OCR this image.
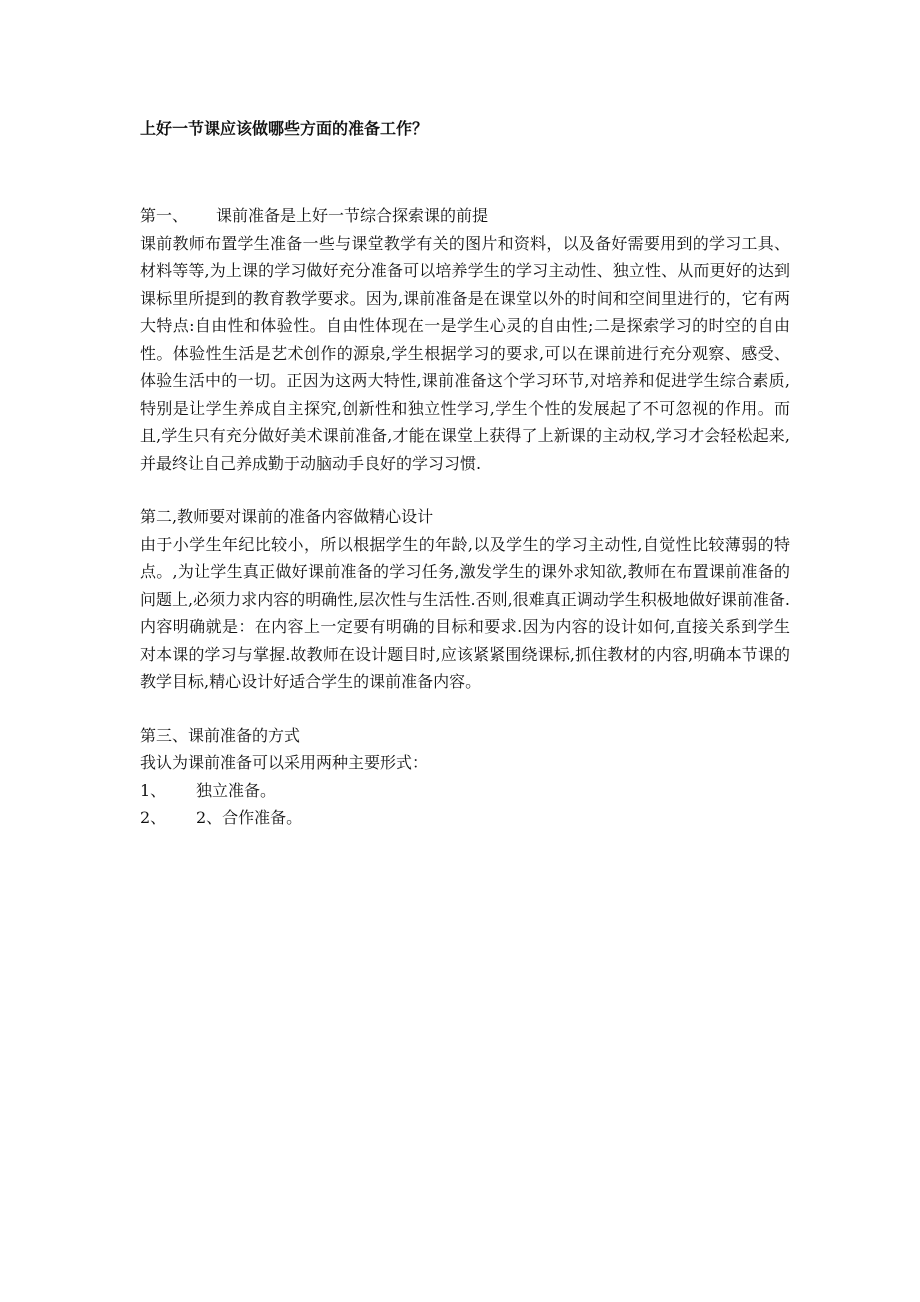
上好一节课应该做哪些方面的准备工作？

第一、 课前准备是上好一节综合探索课的前提

课前教师布置学生准备一些与课堂教学有关的图片和资料，以及备好需要用到的学习工具、材料等等,为上课的学习做好充分准备可以培养学生的学习主动性、独立性、从而更好的达到课标里所提到的教育教学要求。因为,课前准备是在课堂以外的时间和空间里进行的，它有两大特点:自由性和体验性。自由性体现在一是学生心灵的自由性;二是探索学习的时空的自由性。体验性生活是艺术创作的源泉,学生根据学习的要求,可以在课前进行充分观察、感受、体验生活中的一切。正因为这两大特性,课前准备这个学习环节,对培养和促进学生综合素质,特别是让学生养成自主探究,创新性和独立性学习,学生个性的发展起了不可忽视的作用。而且,学生只有充分做好美术课前准备,才能在课堂上获得了上新课的主动权,学习才会轻松起来,并最终让自己养成勤于动脑动手良好的学习习惯.

第二,教师要对课前的准备内容做精心设计

由于小学生年纪比较小，所以根据学生的年龄,以及学生的学习主动性,自觉性比较薄弱的特点。,为让学生真正做好课前准备的学习任务,激发学生的课外求知欲,教师在布置课前准备的问题上,必须力求内容的明确性,层次性与生活性.否则,很难真正调动学生积极地做好课前准备.内容明确就是：在内容上一定要有明确的目标和要求.因为内容的设计如何,直接关系到学生对本课的学习与掌握.故教师在设计题目时,应该紧紧围绕课标,抓住教材的内容,明确本节课的教学目标,精心设计好适合学生的课前准备内容。

第三、课前准备的方式

我认为课前准备可以采用两种主要形式：

1、 独立准备。

2、 2、合作准备。
